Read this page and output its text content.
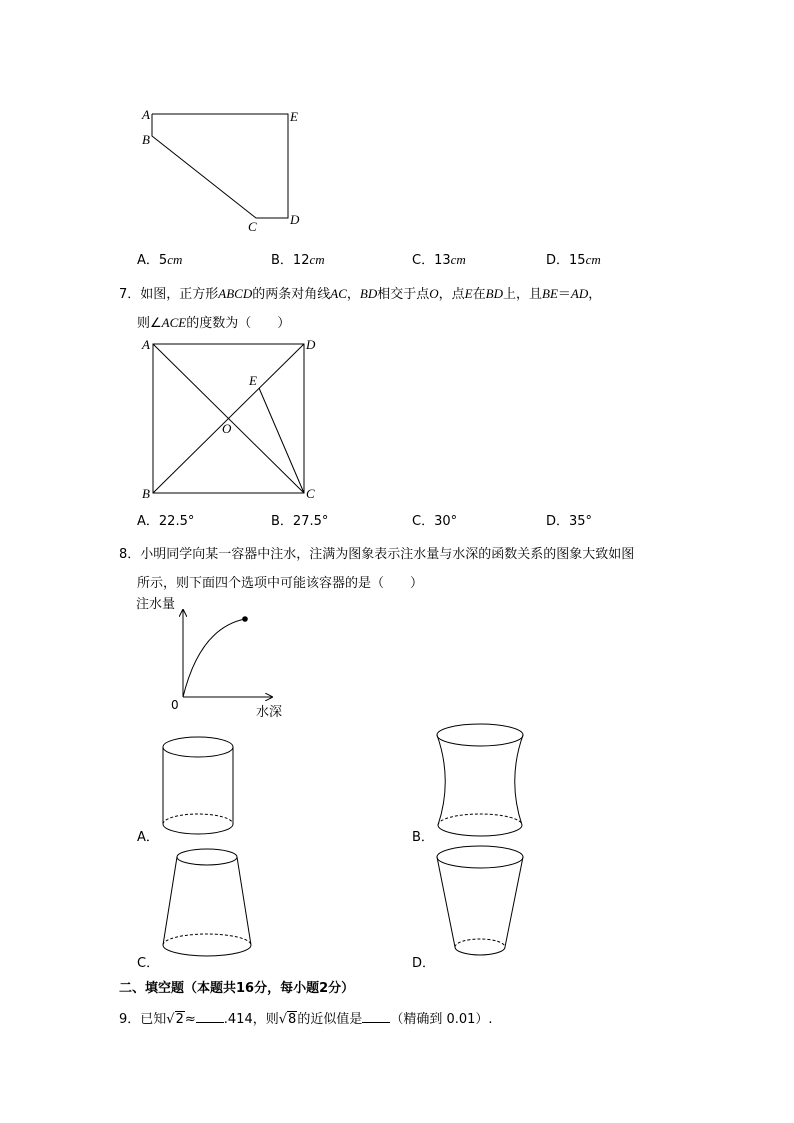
A
B
E
C	D
A．5cm	B．12cm	C．13cm	D．15cm
7．如图，正方形ABCD的两条对角线AC，BD相交于点O，点E在BD上，且BE＝AD，
则∠ACE的度数为（　　）
A	D
B	C
E
O
A．22.5°	B．27.5°	C．30°	D．35°
8．小明同学向某一容器中注水，注满为图象表示注水量与水深的函数关系的图象大致如图
所示，则下面四个选项中可能该容器的是（　　）
注水量
水深
0
A．	B．
C．	D．
二、填空题（本题共16分，每小题2分）
9．已知√2≈ .414，则√8的近似值是 （精确到 0.01）.
